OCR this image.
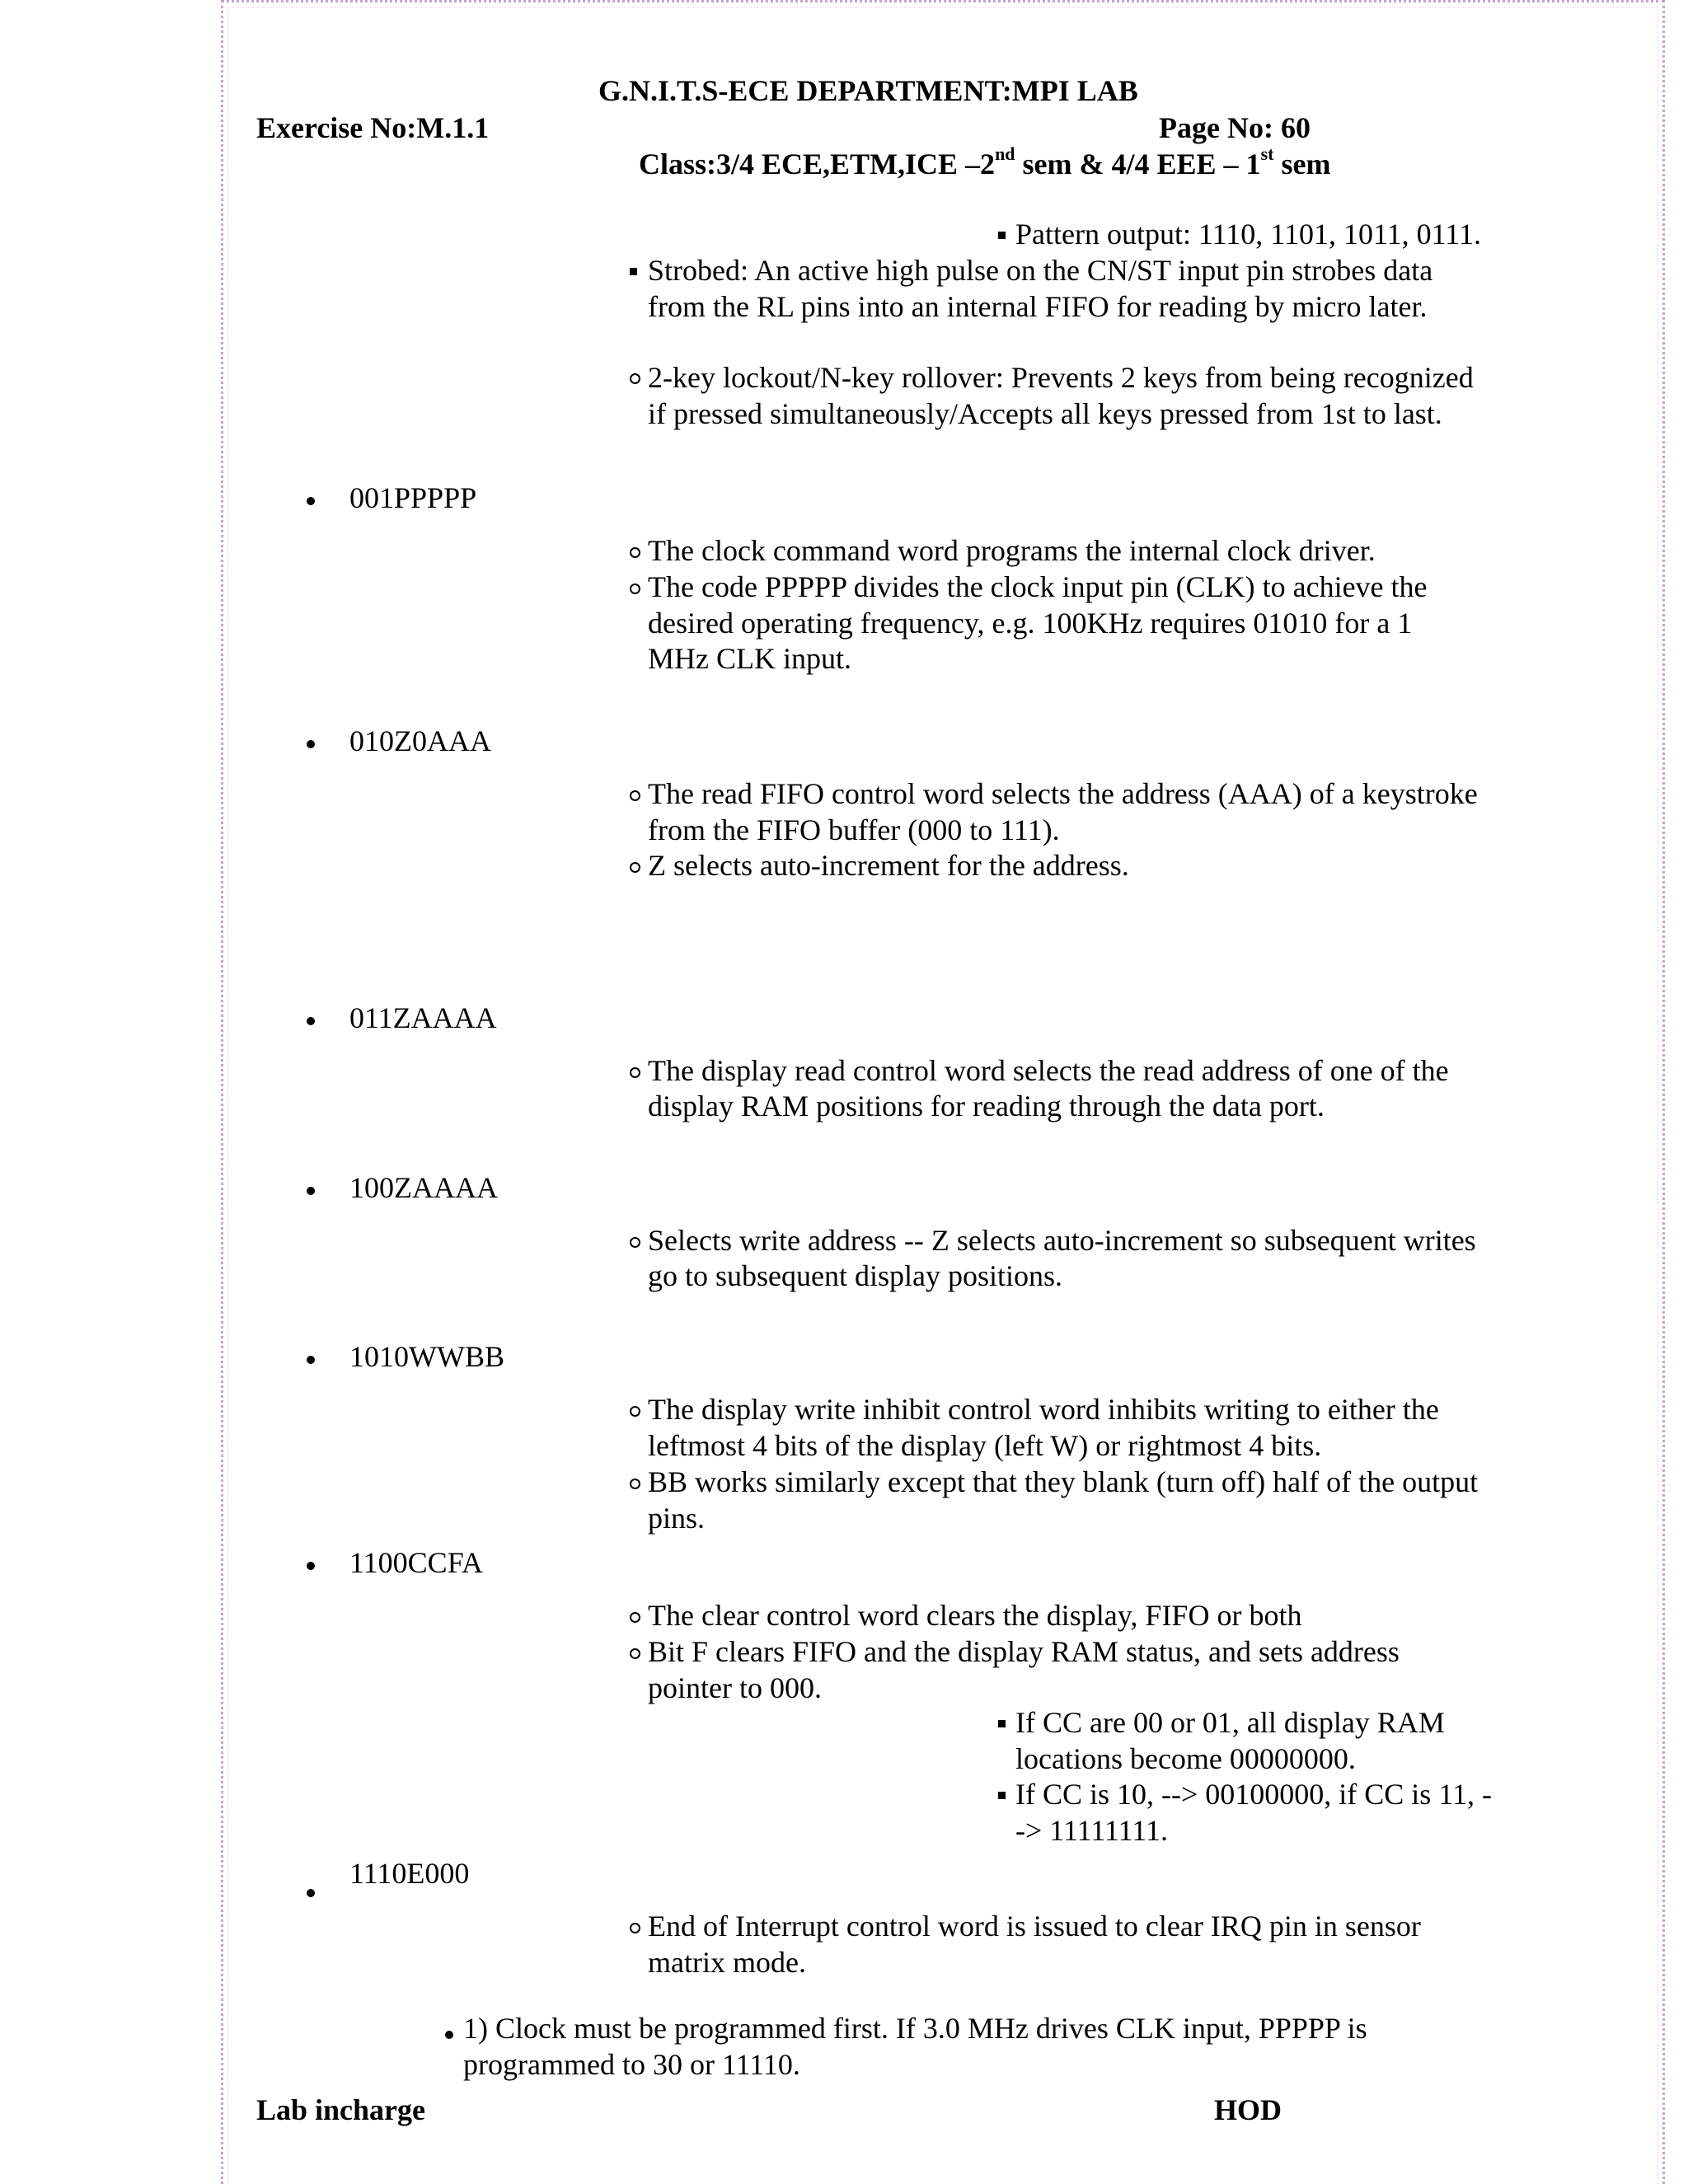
G.N.I.T.S-ECE DEPARTMENT:MPI LAB
Exercise No:M.1.1	Page No: 60
Class:3/4 ECE,ETM,ICE –2nd sem & 4/4 EEE – 1st sem
Pattern output: 1110, 1101, 1011, 0111.
Strobed: An active high pulse on the CN/ST input pin strobes data
from the RL pins into an internal FIFO for reading by micro later.
2-key lockout/N-key rollover: Prevents 2 keys from being recognized
if pressed simultaneously/Accepts all keys pressed from 1st to last.
001PPPPP
The clock command word programs the internal clock driver.
The code PPPPP divides the clock input pin (CLK) to achieve the
desired operating frequency, e.g. 100KHz requires 01010 for a 1
MHz CLK input.
010Z0AAA
The read FIFO control word selects the address (AAA) of a keystroke
from the FIFO buffer (000 to 111).
Z selects auto-increment for the address.
011ZAAAA
The display read control word selects the read address of one of the
display RAM positions for reading through the data port.
100ZAAAA
Selects write address -- Z selects auto-increment so subsequent writes
go to subsequent display positions.
1010WWBB
The display write inhibit control word inhibits writing to either the
leftmost 4 bits of the display (left W) or rightmost 4 bits.
BB works similarly except that they blank (turn off) half of the output
pins.
1100CCFA
The clear control word clears the display, FIFO or both
Bit F clears FIFO and the display RAM status, and sets address
pointer to 000.
If CC are 00 or 01, all display RAM
locations become 00000000.
If CC is 10, --> 00100000, if CC is 11, -
-> 11111111.
1110E000
End of Interrupt control word is issued to clear IRQ pin in sensor
matrix mode.
1) Clock must be programmed first. If 3.0 MHz drives CLK input, PPPPP is
programmed to 30 or 11110.
Lab incharge	HOD
